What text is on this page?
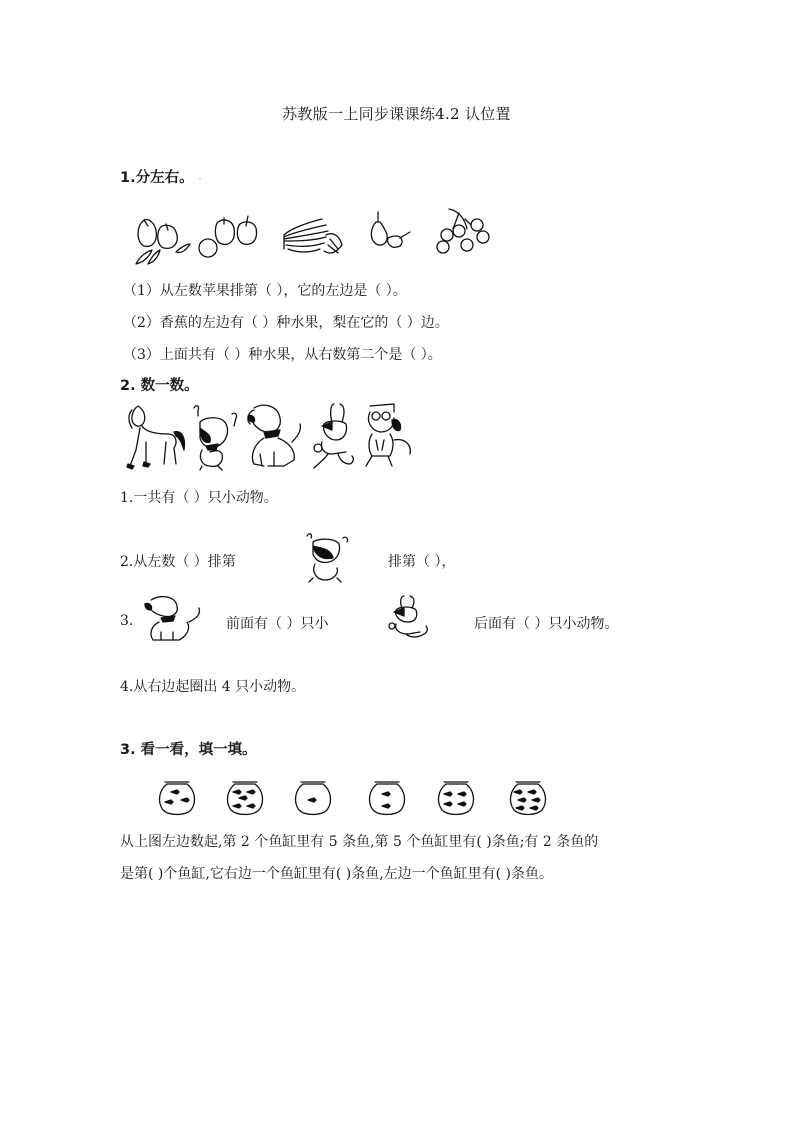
苏教版一上同步课课练4.2 认位置
1.分左右。
（1）从左数苹果排第（ ），它的左边是（ ）。
（2）香蕉的左边有（ ）种水果，梨在它的（ ）边。
（3）上面共有（ ）种水果，从右数第二个是（ ）。
2. 数一数。
1.一共有（ ）只小动物。
2.从左数（ ）排第	排第（ ），
3.	前面有（ ）只小	后面有（ ）只小动物。
4.从右边起圈出 4 只小动物。
3. 看一看，填一填。
从上图左边数起,第 2 个鱼缸里有 5 条鱼,第 5 个鱼缸里有( )条鱼;有 2 条鱼的
是第( )个鱼缸,它右边一个鱼缸里有( )条鱼,左边一个鱼缸里有( )条鱼。
